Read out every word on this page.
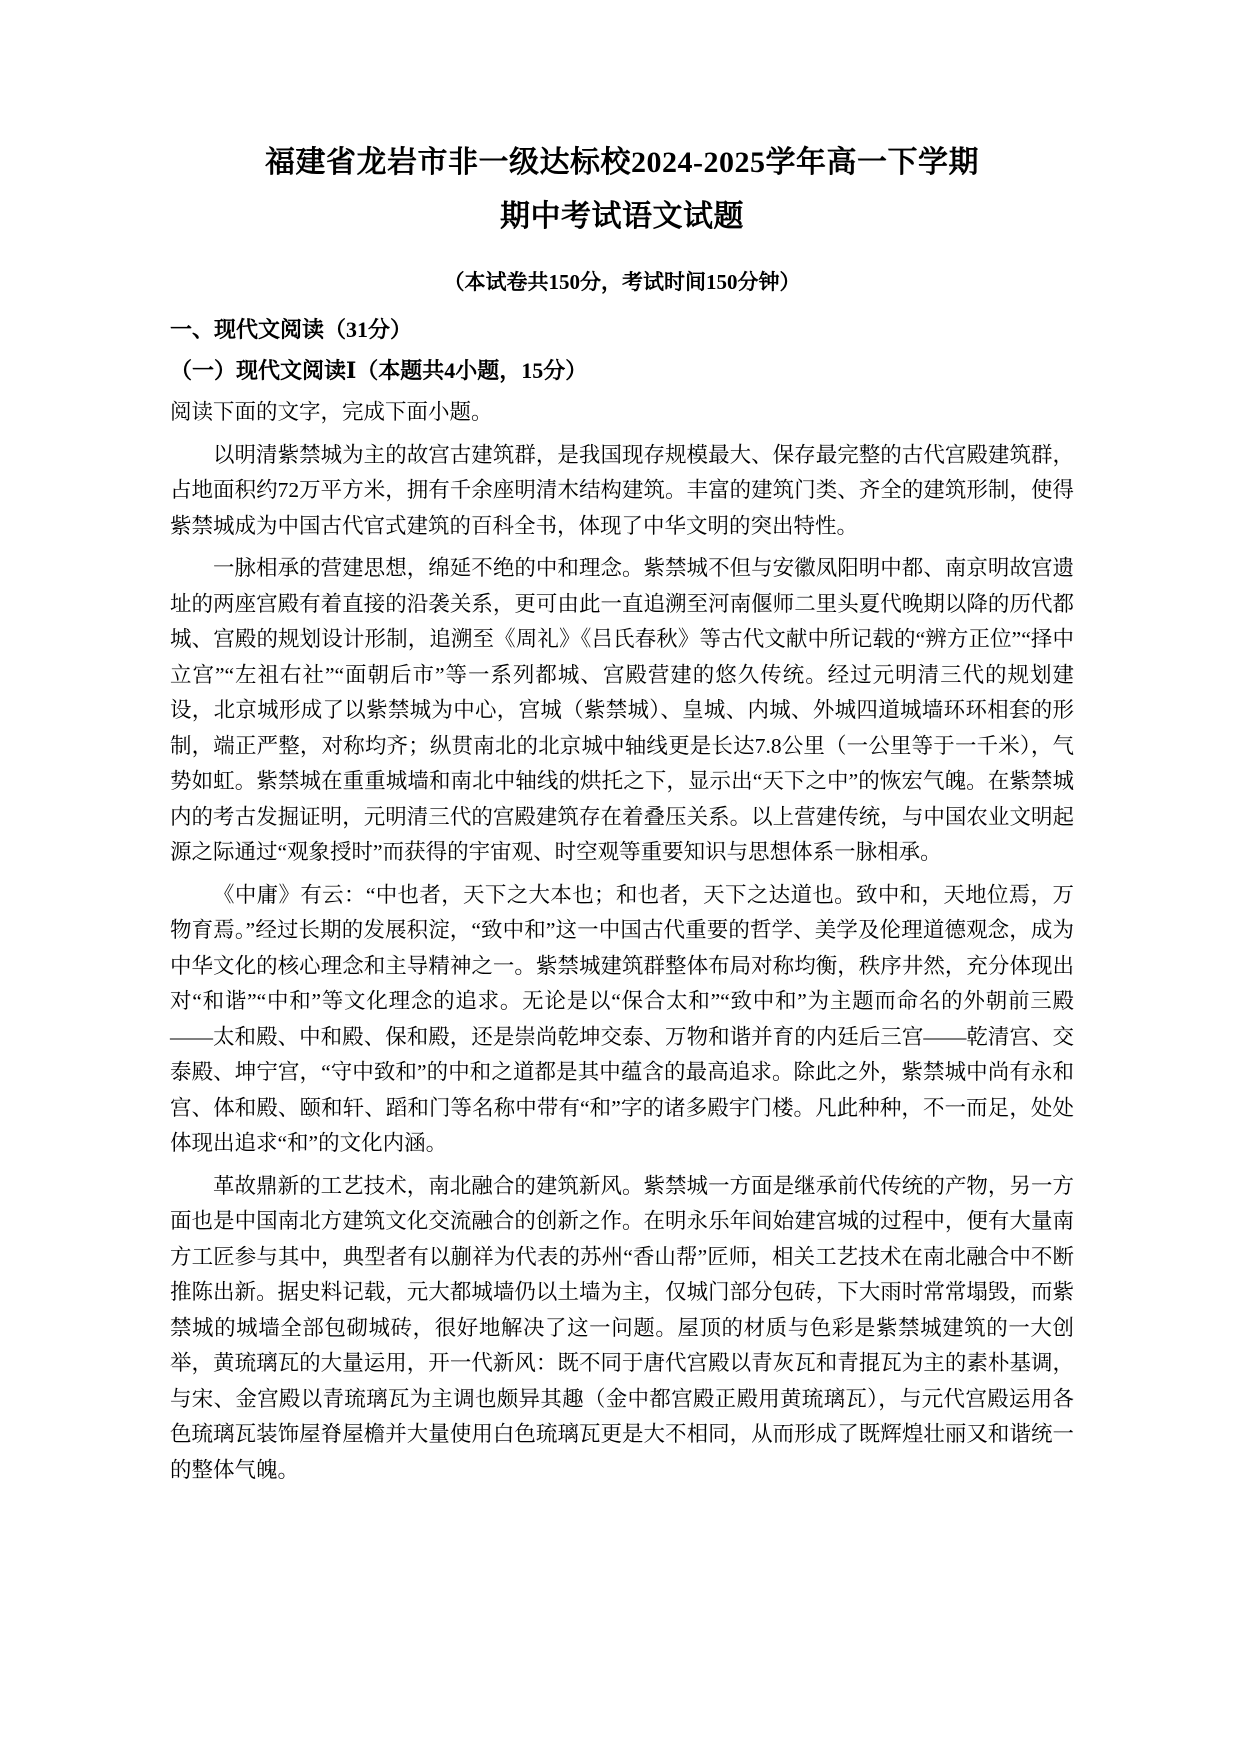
福建省龙岩市非一级达标校2024-2025学年高一下学期
期中考试语文试题
（本试卷共150分，考试时间150分钟）
一、现代文阅读（31分）
（一）现代文阅读Ⅰ（本题共4小题，15分）

阅读下面的文字，完成下面小题。

以明清紫禁城为主的故宫古建筑群，是我国现存规模最大、保存最完整的古代宫殿建筑群，占地面积约72万平方米，拥有千余座明清木结构建筑。丰富的建筑门类、齐全的建筑形制，使得紫禁城成为中国古代官式建筑的百科全书，体现了中华文明的突出特性。

一脉相承的营建思想，绵延不绝的中和理念。紫禁城不但与安徽凤阳明中都、南京明故宫遗址的两座宫殿有着直接的沿袭关系，更可由此一直追溯至河南偃师二里头夏代晚期以降的历代都城、宫殿的规划设计形制，追溯至《周礼》《吕氏春秋》等古代文献中所记载的“辨方正位”“择中立宫”“左祖右社”“面朝后市”等一系列都城、宫殿营建的悠久传统。经过元明清三代的规划建设，北京城形成了以紫禁城为中心，宫城（紫禁城）、皇城、内城、外城四道城墙环环相套的形制，端正严整，对称均齐；纵贯南北的北京城中轴线更是长达7.8公里（一公里等于一千米），气势如虹。紫禁城在重重城墙和南北中轴线的烘托之下，显示出“天下之中”的恢宏气魄。在紫禁城内的考古发掘证明，元明清三代的宫殿建筑存在着叠压关系。以上营建传统，与中国农业文明起源之际通过“观象授时”而获得的宇宙观、时空观等重要知识与思想体系一脉相承。

《中庸》有云：“中也者，天下之大本也；和也者，天下之达道也。致中和，天地位焉，万物育焉。”经过长期的发展积淀，“致中和”这一中国古代重要的哲学、美学及伦理道德观念，成为中华文化的核心理念和主导精神之一。紫禁城建筑群整体布局对称均衡，秩序井然，充分体现出对“和谐”“中和”等文化理念的追求。无论是以“保合太和”“致中和”为主题而命名的外朝前三殿——太和殿、中和殿、保和殿，还是崇尚乾坤交泰、万物和谐并育的内廷后三宫——乾清宫、交泰殿、坤宁宫，“守中致和”的中和之道都是其中蕴含的最高追求。除此之外，紫禁城中尚有永和宫、体和殿、颐和轩、蹈和门等名称中带有“和”字的诸多殿宇门楼。凡此种种，不一而足，处处体现出追求“和”的文化内涵。

革故鼎新的工艺技术，南北融合的建筑新风。紫禁城一方面是继承前代传统的产物，另一方面也是中国南北方建筑文化交流融合的创新之作。在明永乐年间始建宫城的过程中，便有大量南方工匠参与其中，典型者有以蒯祥为代表的苏州“香山帮”匠师，相关工艺技术在南北融合中不断推陈出新。据史料记载，元大都城墙仍以土墙为主，仅城门部分包砖，下大雨时常常塌毁，而紫禁城的城墙全部包砌城砖，很好地解决了这一问题。屋顶的材质与色彩是紫禁城建筑的一大创举，黄琉璃瓦的大量运用，开一代新风：既不同于唐代宫殿以青灰瓦和青掍瓦为主的素朴基调，与宋、金宫殿以青琉璃瓦为主调也颇异其趣（金中都宫殿正殿用黄琉璃瓦），与元代宫殿运用各色琉璃瓦装饰屋脊屋檐并大量使用白色琉璃瓦更是大不相同，从而形成了既辉煌壮丽又和谐统一的整体气魄。
